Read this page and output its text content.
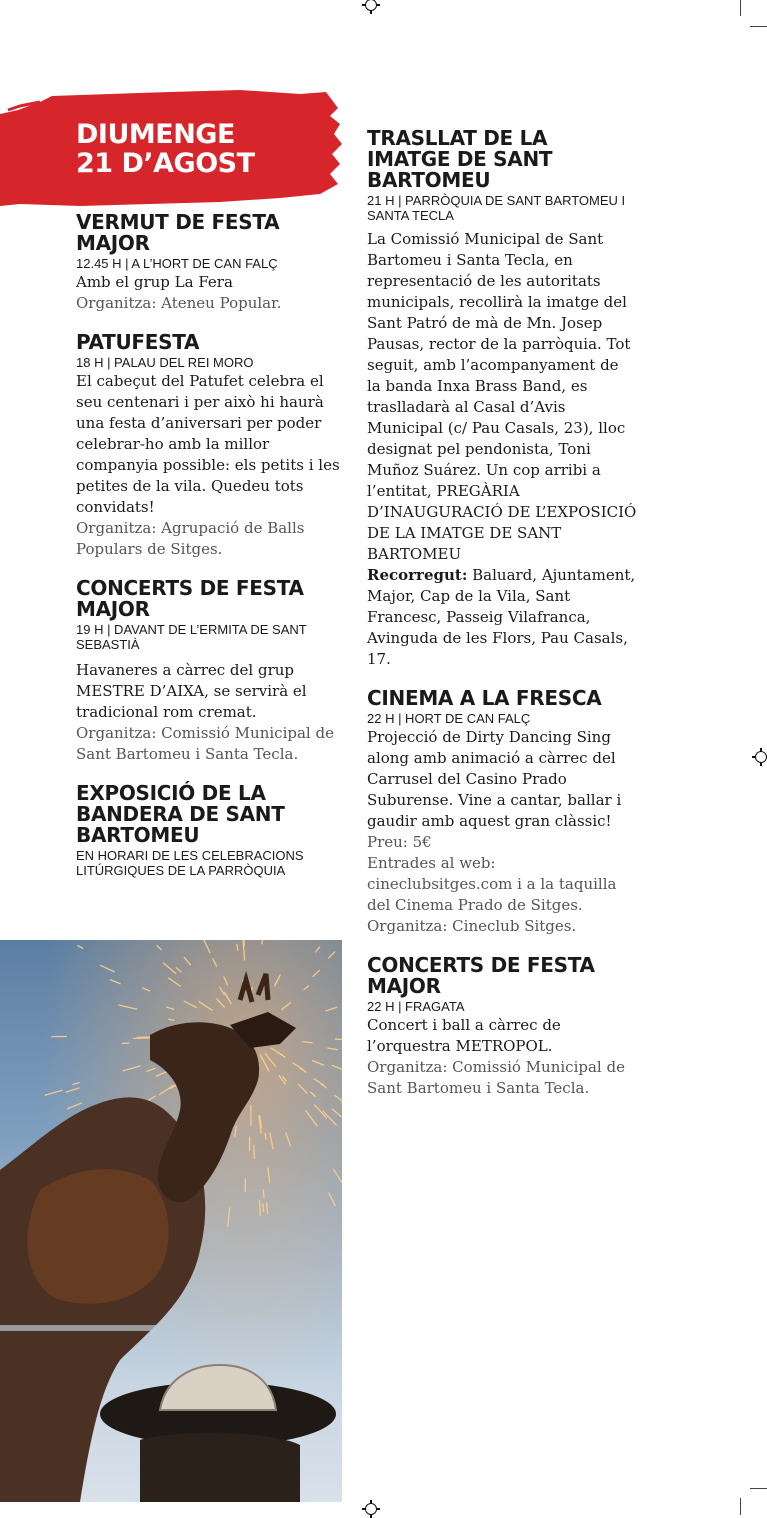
DIUMENGE
21 D’AGOST
VERMUT DE FESTA MAJOR
12.45 H | A L’HORT DE CAN FALÇ
Amb el grup La Fera
Organitza: Ateneu Popular.
PATUFESTA
18 H | PALAU DEL REI MORO
El cabeçut del Patufet celebra el seu centenari i per això hi haurà una festa d’aniversari per poder celebrar-ho amb la millor companyia possible: els petits i les petites de la vila. Quedeu tots convidats!
Organitza: Agrupació de Balls Populars de Sitges.
CONCERTS DE FESTA MAJOR
19 H | DAVANT DE L’ERMITA DE SANT SEBASTIÀ
Havaneres a càrrec del grup MESTRE D’AIXA, se servirà el tradicional rom cremat.
Organitza: Comissió Municipal de Sant Bartomeu i Santa Tecla.
EXPOSICIÓ DE LA BANDERA DE SANT BARTOMEU
EN HORARI DE LES CELEBRACIONS LITÚRGIQUES DE LA PARRÒQUIA
TRASLLAT DE LA IMATGE DE SANT BARTOMEU
21 H | PARRÒQUIA DE SANT BARTOMEU I SANTA TECLA
La Comissió Municipal de Sant Bartomeu i Santa Tecla, en representació de les autoritats municipals, recollirà la imatge del Sant Patró de mà de Mn. Josep Pausas, rector de la parròquia. Tot seguit, amb l’acompanyament de la banda Inxa Brass Band, es traslladarà al Casal d’Avis Municipal (c/ Pau Casals, 23), lloc designat pel pendonista, Toni Muñoz Suárez. Un cop arribi a l’entitat, PREGÀRIA D’INAUGURACIÓ DE L’EXPOSICIÓ DE LA IMATGE DE SANT BARTOMEU
Recorregut: Baluard, Ajuntament, Major, Cap de la Vila, Sant Francesc, Passeig Vilafranca, Avinguda de les Flors, Pau Casals, 17.
CINEMA A LA FRESCA
22 H | HORT DE CAN FALÇ
Projecció de Dirty Dancing Sing along amb animació a càrrec del Carrusel del Casino Prado Suburense. Vine a cantar, ballar i gaudir amb aquest gran clàssic!
Preu: 5€
Entrades al web: cineclubsitges.com i a la taquilla del Cinema Prado de Sitges.
Organitza: Cineclub Sitges.
CONCERTS DE FESTA MAJOR
22 H | FRAGATA
Concert i ball a càrrec de l’orquestra METROPOL.
Organitza: Comissió Municipal de Sant Bartomeu i Santa Tecla.
